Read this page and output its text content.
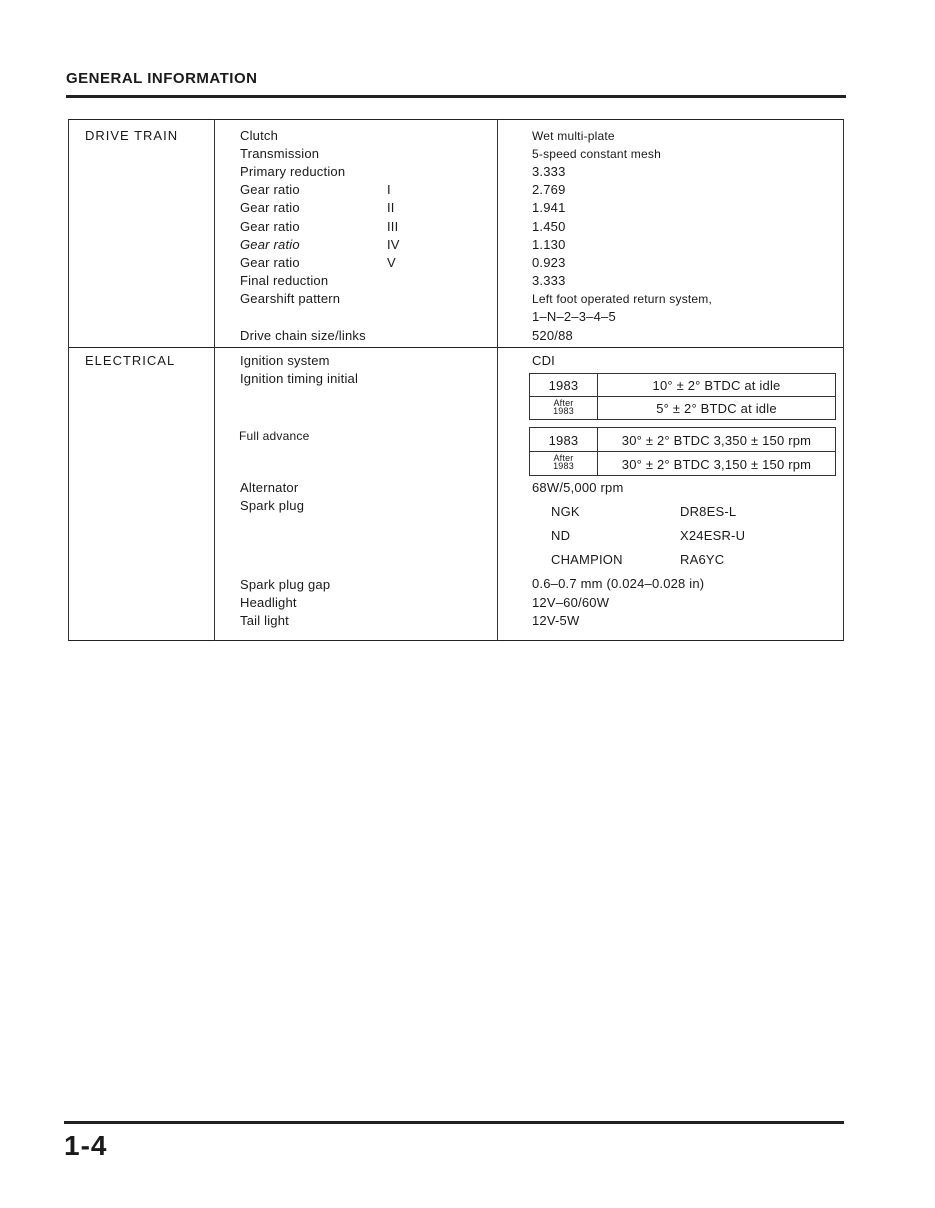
GENERAL INFORMATION
DRIVE TRAIN	Clutch	Wet multi-plate
Transmission	5-speed constant mesh
Primary reduction	3.333
Gear ratio	I	2.769
Gear ratio	II	1.941
Gear ratio	III	1.450
Gear ratio	IV	1.130
Gear ratio	V	0.923
Final reduction	3.333
Gearshift pattern	Left foot operated return system,
1–N–2–3–4–5
Drive chain size/links	520/88
ELECTRICAL	Ignition system	CDI
Ignition timing initial	1983	10° ± 2° BTDC at idle
After
1983	5° ± 2° BTDC at idle
Full advance	1983	30° ± 2° BTDC 3,350 ± 150 rpm
After
1983	30° ± 2° BTDC 3,150 ± 150 rpm
Alternator	68W/5,000 rpm
Spark plug	NGK	DR8ES-L
ND	X24ESR-U
CHAMPION	RA6YC
Spark plug gap	0.6–0.7 mm (0.024–0.028 in)
Headlight	12V–60/60W
Tail light	12V-5W
1-4
